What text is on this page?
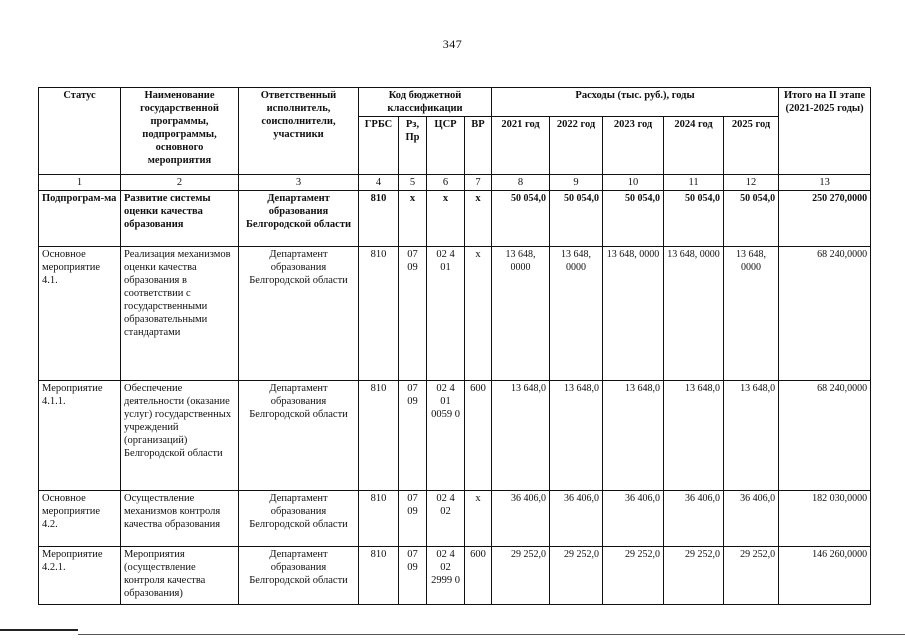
347
Статус	Наименование государственной программы, подпрограммы, основного мероприятия	Ответственный исполнитель, соисполнители, участники	Код бюджетной классификации				Расходы (тыс. руб.), годы					Итого на II этапе (2021-2025 годы)
			ГРБС	Рз, Пр	ЦСР	ВР	2021 год	2022 год	2023 год	2024 год	2025 год	
1	2	3	4	5	6	7	8	9	10	11	12	13
Подпрограм-ма	Развитие системы оценки качества образования	Департамент образования Белгородской области	810	х	х	х	50 054,0	50 054,0	50 054,0	50 054,0	50 054,0	250 270,0000
Основное мероприятие 4.1.	Реализация механизмов оценки качества образования в соответствии с государственными образовательными стандартами	Департамент образования Белгородской области	810	07 09	02 4 01	х	13 648, 0000	13 648, 0000	13 648, 0000	13 648, 0000	13 648, 0000	68 240,0000
Мероприятие 4.1.1.	Обеспечение деятельности (оказание услуг) государственных учреждений (организаций) Белгородской области	Департамент образования Белгородской области	810	07 09	02 4 01 0059 0	600	13 648,0	13 648,0	13 648,0	13 648,0	13 648,0	68 240,0000
Основное мероприятие 4.2.	Осуществление механизмов контроля качества образования	Департамент образования Белгородской области	810	07 09	02 4 02	х	36 406,0	36 406,0	36 406,0	36 406,0	36 406,0	182 030,0000
Мероприятие 4.2.1.	Мероприятия (осуществление контроля качества образования)	Департамент образования Белгородской области	810	07 09	02 4 02 2999 0	600	29 252,0	29 252,0	29 252,0	29 252,0	29 252,0	146 260,0000
